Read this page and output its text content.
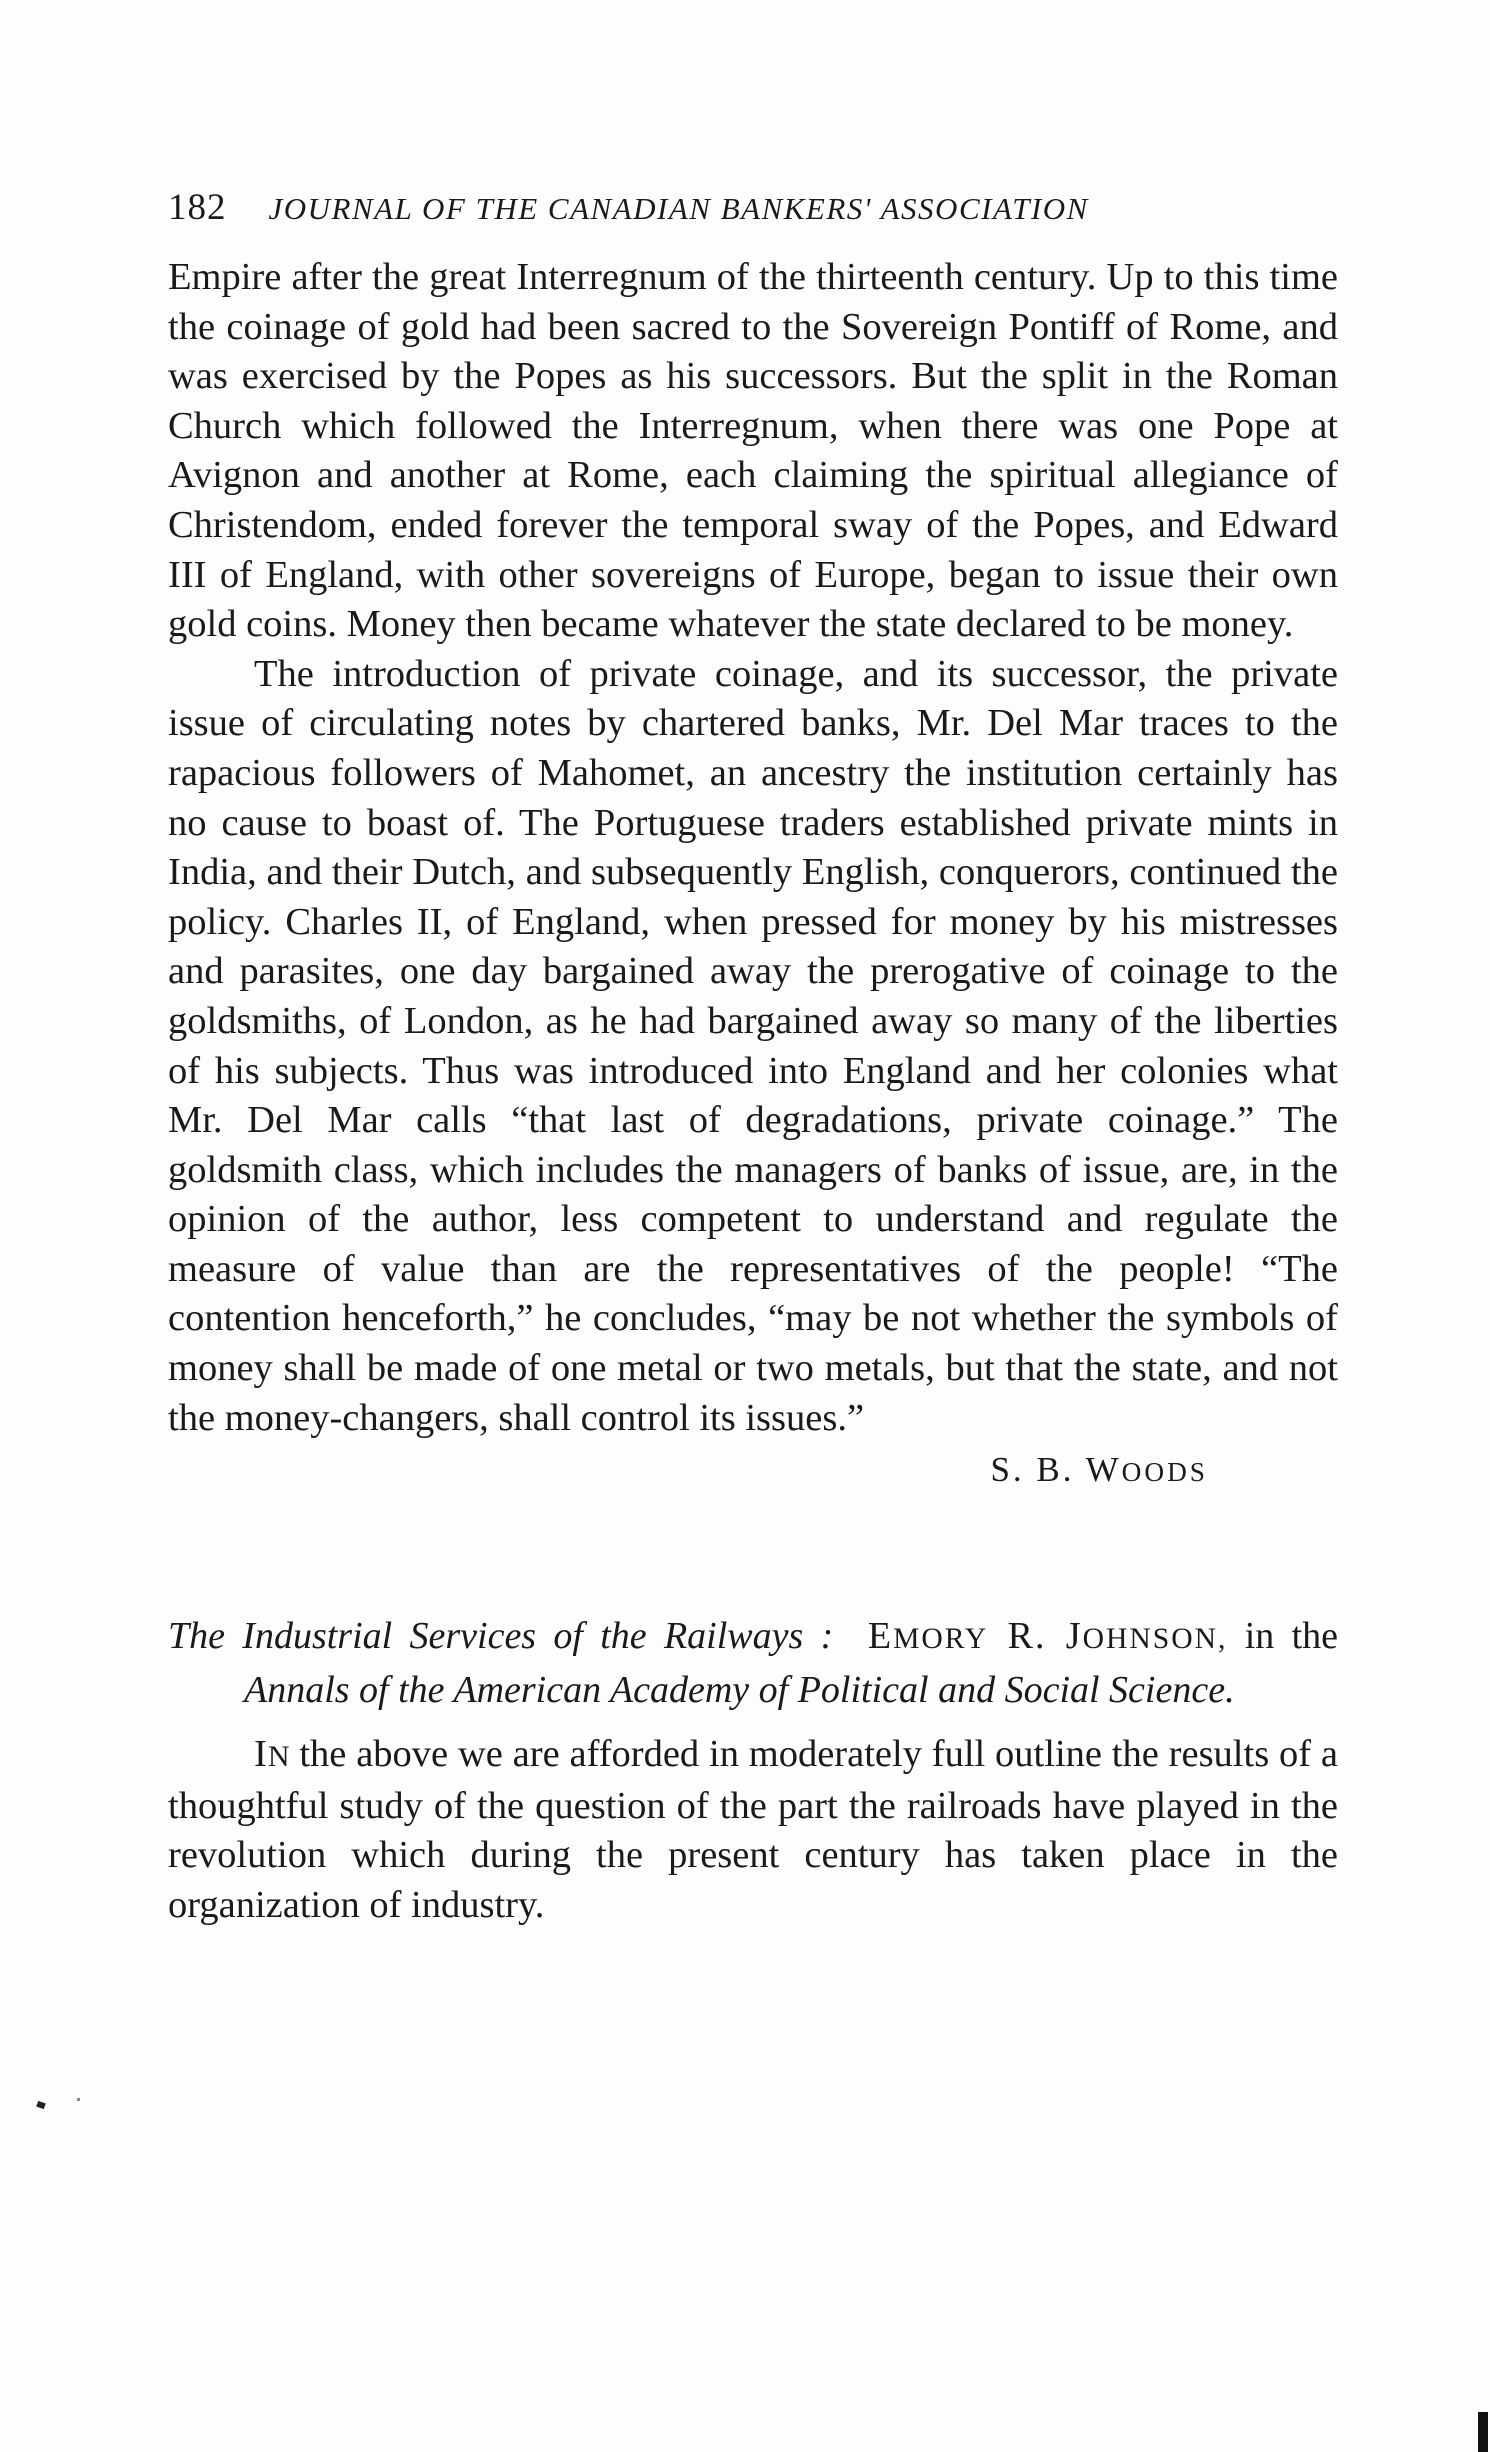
182 JOURNAL OF THE CANADIAN BANKERS' ASSOCIATION

Empire after the great Interregnum of the thirteenth century. Up to this time the coinage of gold had been sacred to the Sovereign Pontiff of Rome, and was exercised by the Popes as his successors. But the split in the Roman Church which followed the Interregnum, when there was one Pope at Avignon and another at Rome, each claiming the spiritual allegiance of Christendom, ended forever the temporal sway of the Popes, and Edward III of England, with other sovereigns of Europe, began to issue their own gold coins. Money then became whatever the state declared to be money.

The introduction of private coinage, and its successor, the private issue of circulating notes by chartered banks, Mr. Del Mar traces to the rapacious followers of Mahomet, an ancestry the institution certainly has no cause to boast of. The Portuguese traders established private mints in India, and their Dutch, and subsequently English, conquerors, continued the policy. Charles II, of England, when pressed for money by his mistresses and parasites, one day bargained away the prerogative of coinage to the goldsmiths, of London, as he had bargained away so many of the liberties of his subjects. Thus was introduced into England and her colonies what Mr. Del Mar calls “that last of degradations, private coinage.” The goldsmith class, which includes the managers of banks of issue, are, in the opinion of the author, less competent to understand and regulate the measure of value than are the representatives of the people! “The contention henceforth,” he concludes, “may be not whether the symbols of money shall be made of one metal or two metals, but that the state, and not the money-changers, shall control its issues.”

S. B. WOODS
The Industrial Services of the Railways : EMORY R. JOHNSON, in the Annals of the American Academy of Political and Social Science.

IN the above we are afforded in moderately full outline the results of a thoughtful study of the question of the part the railroads have played in the revolution which during the present century has taken place in the organization of industry.
